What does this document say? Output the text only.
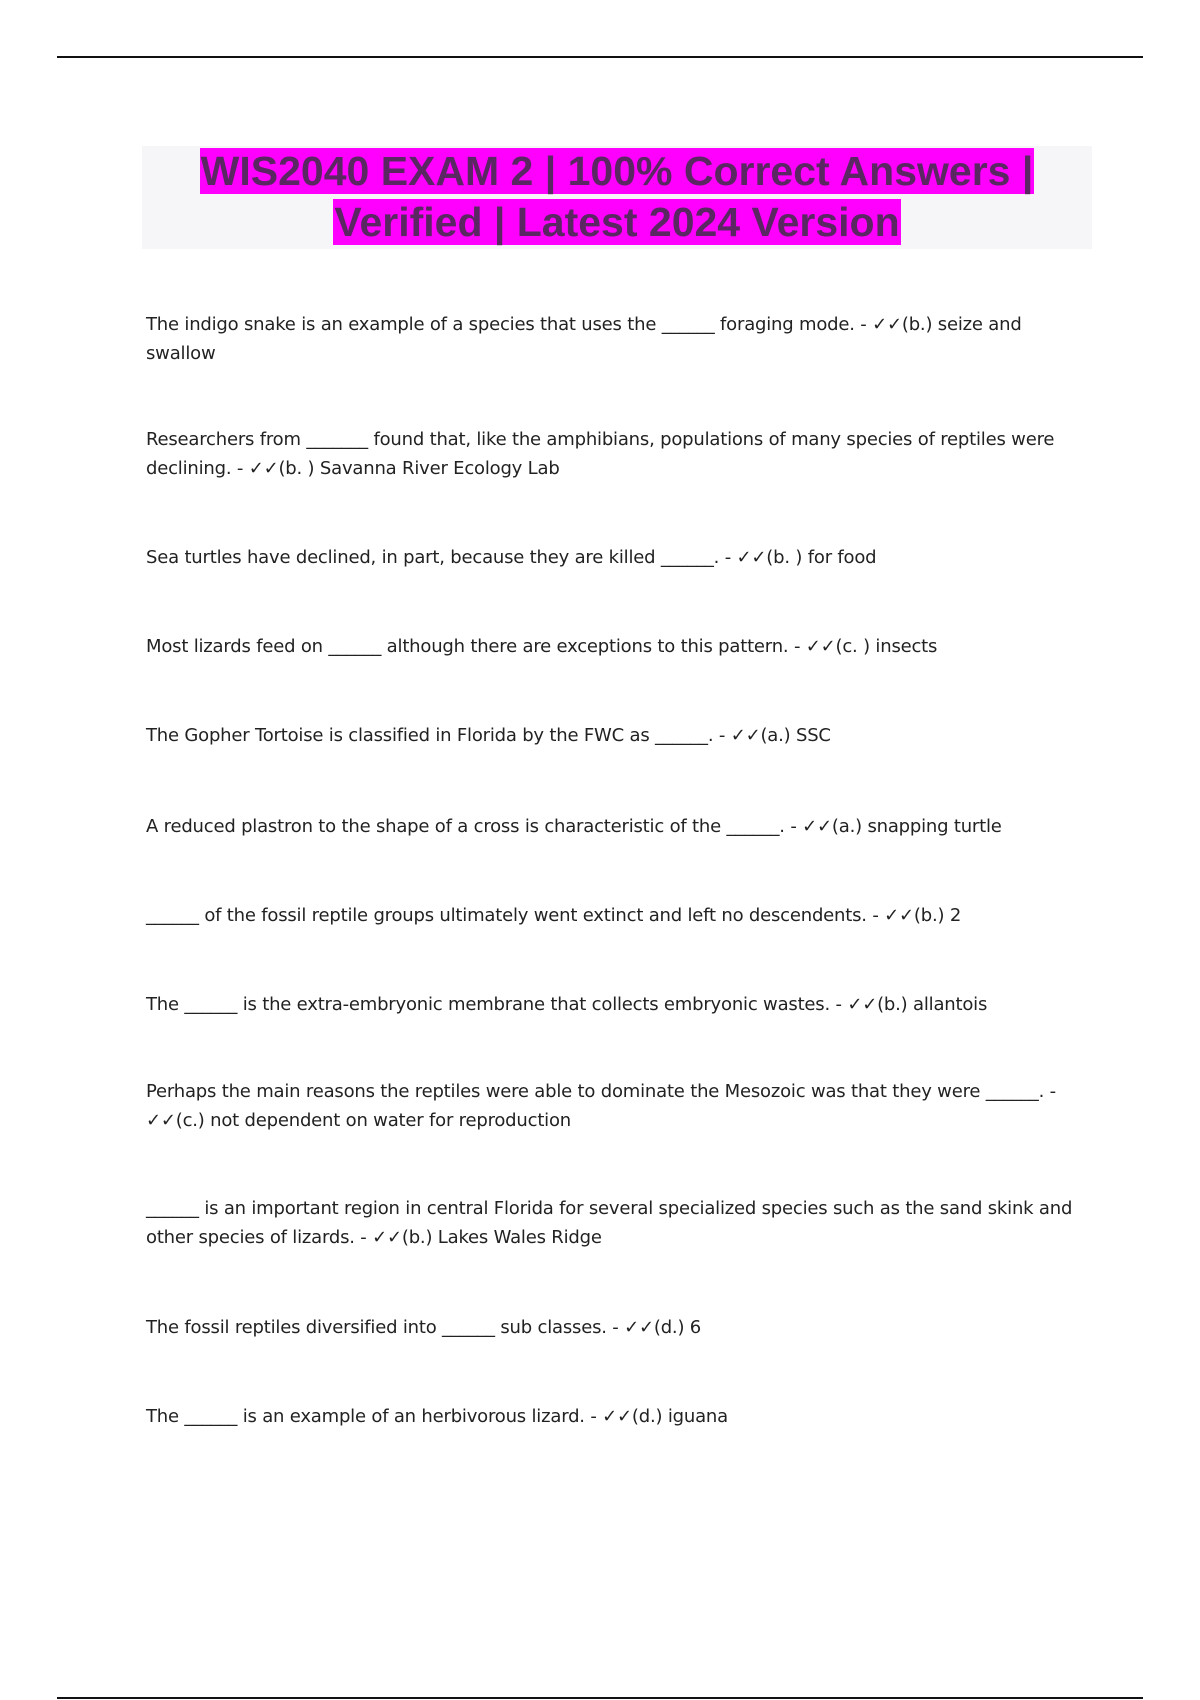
WIS2040 EXAM 2 | 100% Correct Answers | Verified | Latest 2024 Version

The indigo snake is an example of a species that uses the ______ foraging mode. - ✓✓(b.) seize and swallow

Researchers from _______ found that, like the amphibians, populations of many species of reptiles were declining. - ✓✓(b. ) Savanna River Ecology Lab

Sea turtles have declined, in part, because they are killed ______. - ✓✓(b. ) for food

Most lizards feed on ______ although there are exceptions to this pattern. - ✓✓(c. ) insects

The Gopher Tortoise is classified in Florida by the FWC as ______. - ✓✓(a.) SSC

A reduced plastron to the shape of a cross is characteristic of the ______. - ✓✓(a.) snapping turtle

______ of the fossil reptile groups ultimately went extinct and left no descendents. - ✓✓(b.) 2

The ______ is the extra-embryonic membrane that collects embryonic wastes. - ✓✓(b.) allantois

Perhaps the main reasons the reptiles were able to dominate the Mesozoic was that they were ______. - ✓✓(c.) not dependent on water for reproduction

______ is an important region in central Florida for several specialized species such as the sand skink and other species of lizards. - ✓✓(b.) Lakes Wales Ridge

The fossil reptiles diversified into ______ sub classes. - ✓✓(d.) 6

The ______ is an example of an herbivorous lizard. - ✓✓(d.) iguana
